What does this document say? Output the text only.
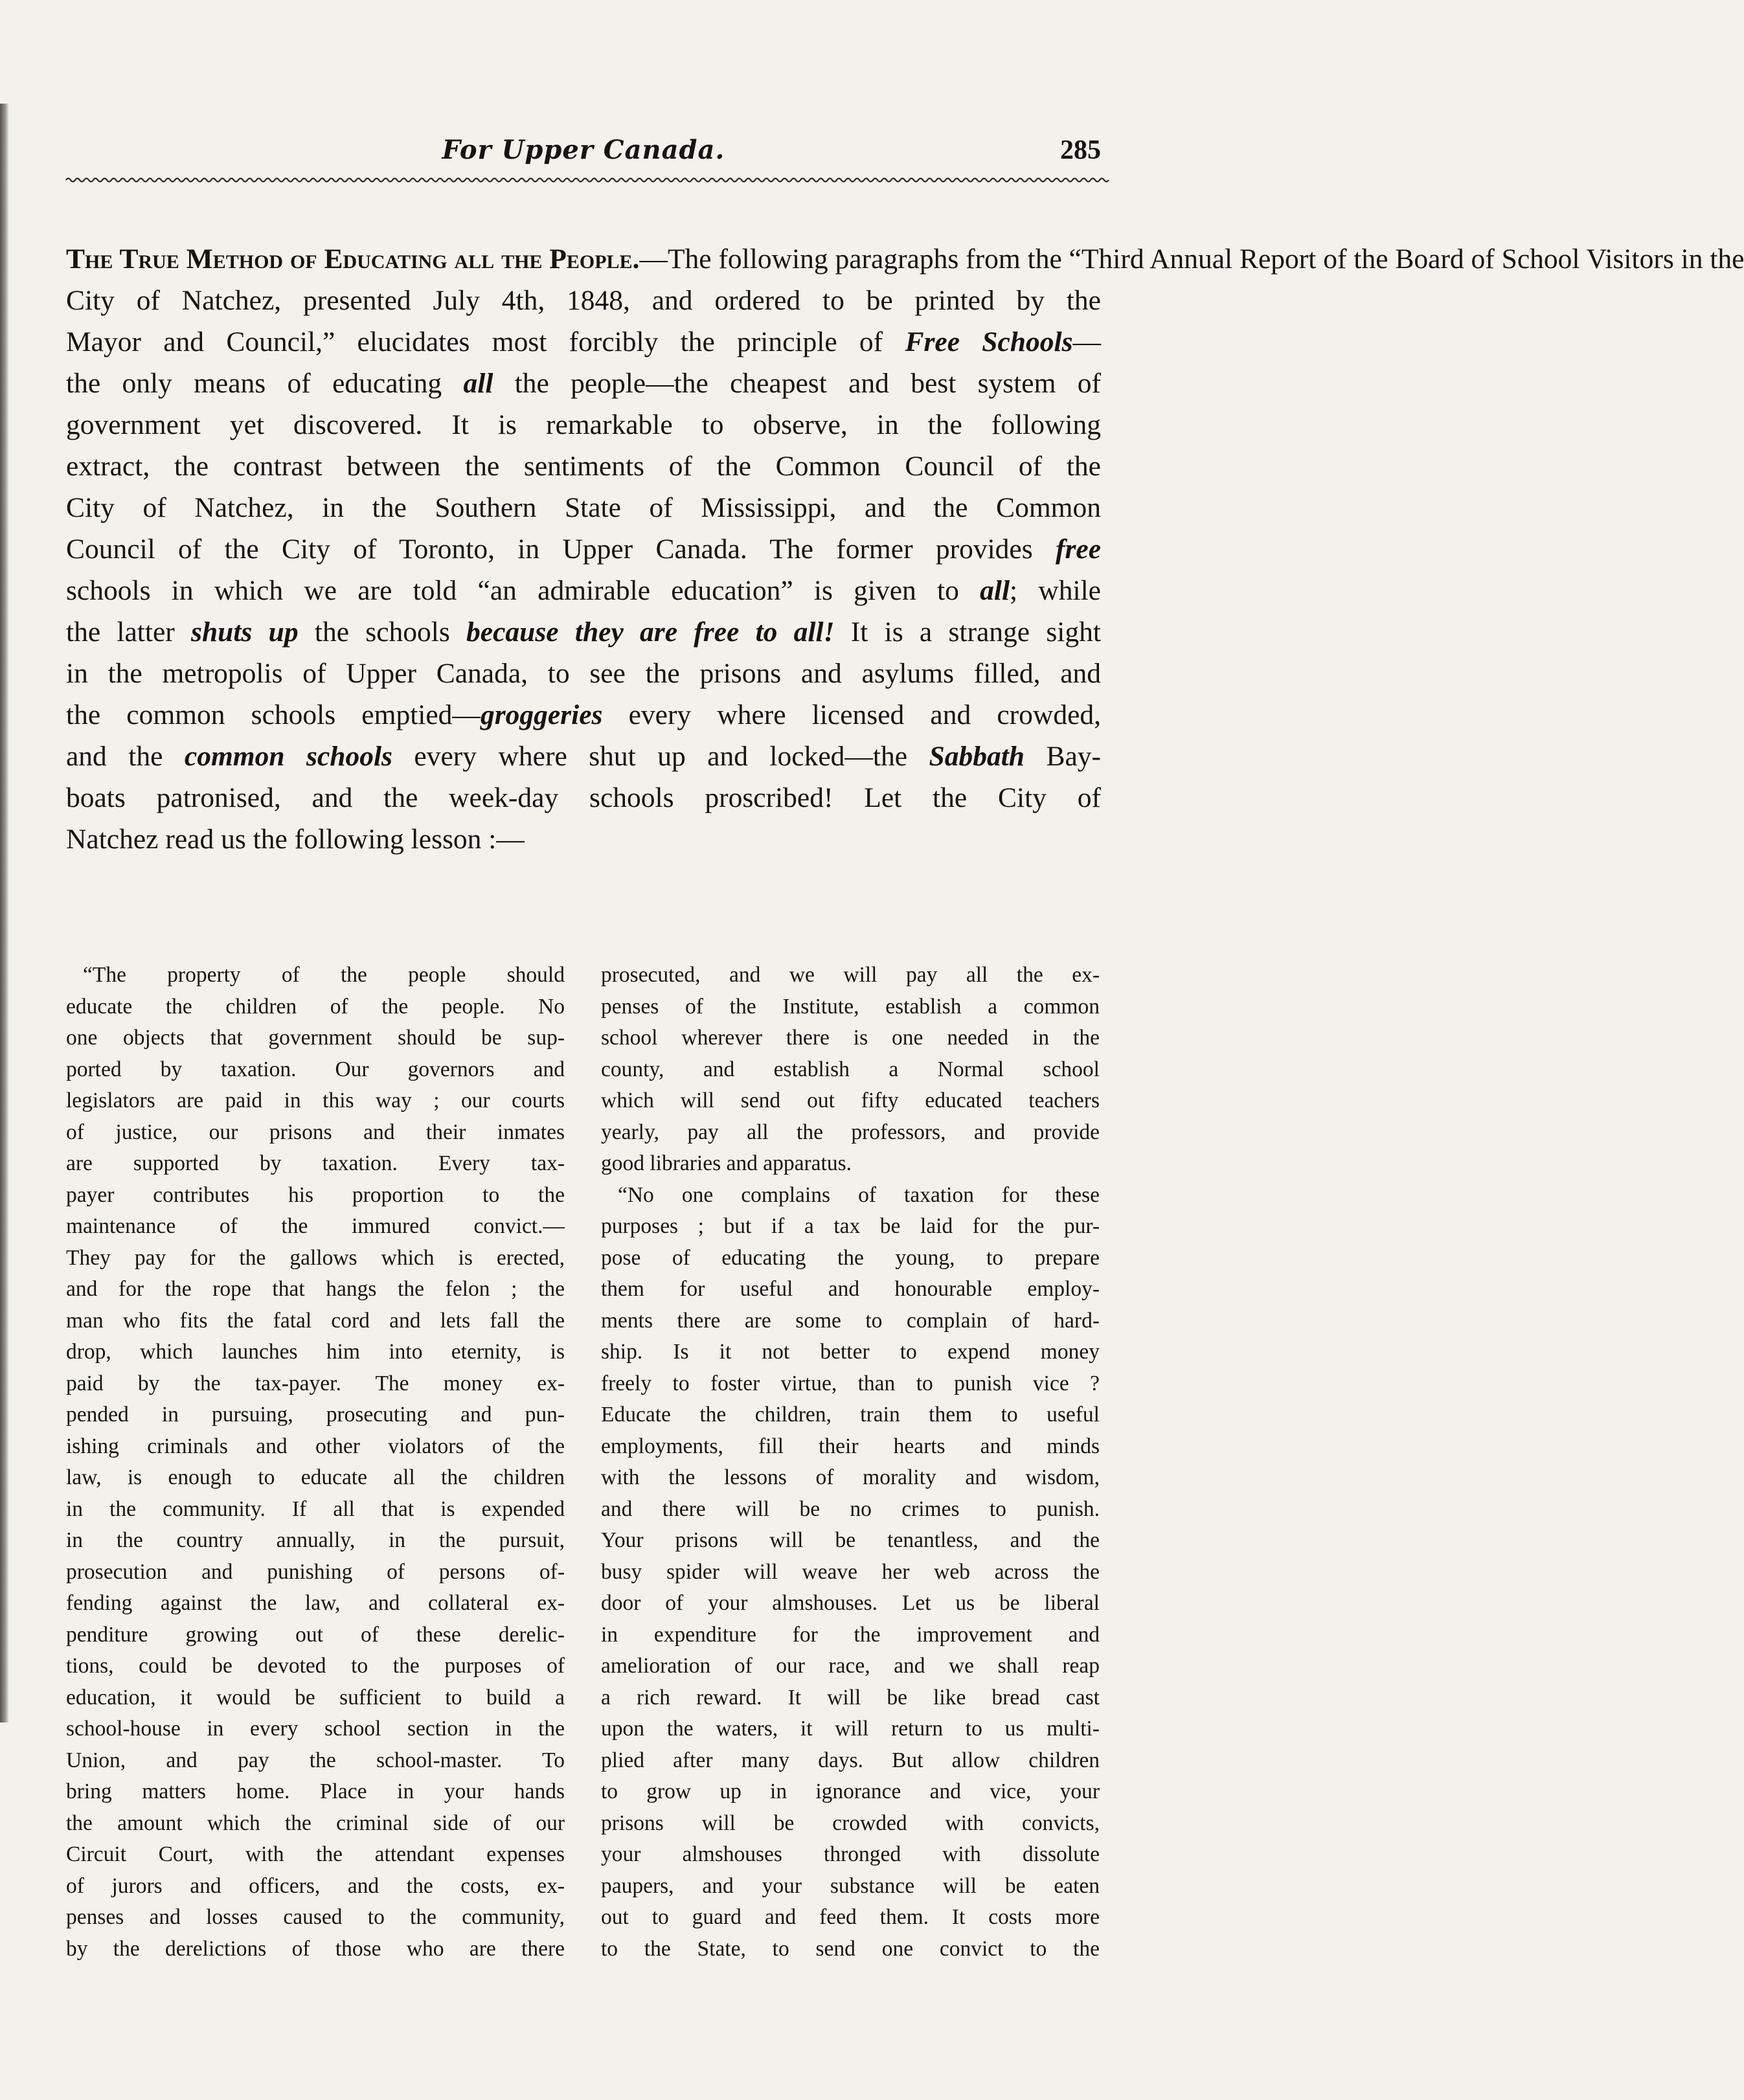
For Upper Canada.	285
The True Method of Educating all the People.—The following paragraphs from the “Third Annual Report of the Board of School Visitors in the
City of Natchez, presented July 4th, 1848, and ordered to be printed by the
Mayor and Council,” elucidates most forcibly the principle of Free Schools—
the only means of educating all the people—the cheapest and best system of
government yet discovered. It is remarkable to observe, in the following
extract, the contrast between the sentiments of the Common Council of the
City of Natchez, in the Southern State of Mississippi, and the Common
Council of the City of Toronto, in Upper Canada. The former provides free
schools in which we are told “an admirable education” is given to all; while
the latter shuts up the schools because they are free to all! It is a strange sight
in the metropolis of Upper Canada, to see the prisons and asylums filled, and
the common schools emptied—groggeries every where licensed and crowded,
and the common schools every where shut up and locked—the Sabbath Bay-
boats patronised, and the week-day schools proscribed! Let the City of
Natchez read us the following lesson :—
“The property of the people should
educate the children of the people. No
one objects that government should be sup-
ported by taxation. Our governors and
legislators are paid in this way ; our courts
of justice, our prisons and their inmates
are supported by taxation. Every tax-
payer contributes his proportion to the
maintenance of the immured convict.—
They pay for the gallows which is erected,
and for the rope that hangs the felon ; the
man who fits the fatal cord and lets fall the
drop, which launches him into eternity, is
paid by the tax-payer. The money ex-
pended in pursuing, prosecuting and pun-
ishing criminals and other violators of the
law, is enough to educate all the children
in the community. If all that is expended
in the country annually, in the pursuit,
prosecution and punishing of persons of-
fending against the law, and collateral ex-
penditure growing out of these derelic-
tions, could be devoted to the purposes of
education, it would be sufficient to build a
school-house in every school section in the
Union, and pay the school-master. To
bring matters home. Place in your hands
the amount which the criminal side of our
Circuit Court, with the attendant expenses
of jurors and officers, and the costs, ex-
penses and losses caused to the community,
by the derelictions of those who are there
prosecuted, and we will pay all the ex-
penses of the Institute, establish a common
school wherever there is one needed in the
county, and establish a Normal school
which will send out fifty educated teachers
yearly, pay all the professors, and provide
good libraries and apparatus.
“No one complains of taxation for these
purposes ; but if a tax be laid for the pur-
pose of educating the young, to prepare
them for useful and honourable employ-
ments there are some to complain of hard-
ship. Is it not better to expend money
freely to foster virtue, than to punish vice ?
Educate the children, train them to useful
employments, fill their hearts and minds
with the lessons of morality and wisdom,
and there will be no crimes to punish.
Your prisons will be tenantless, and the
busy spider will weave her web across the
door of your almshouses. Let us be liberal
in expenditure for the improvement and
amelioration of our race, and we shall reap
a rich reward. It will be like bread cast
upon the waters, it will return to us multi-
plied after many days. But allow children
to grow up in ignorance and vice, your
prisons will be crowded with convicts,
your almshouses thronged with dissolute
paupers, and your substance will be eaten
out to guard and feed them. It costs more
to the State, to send one convict to the
